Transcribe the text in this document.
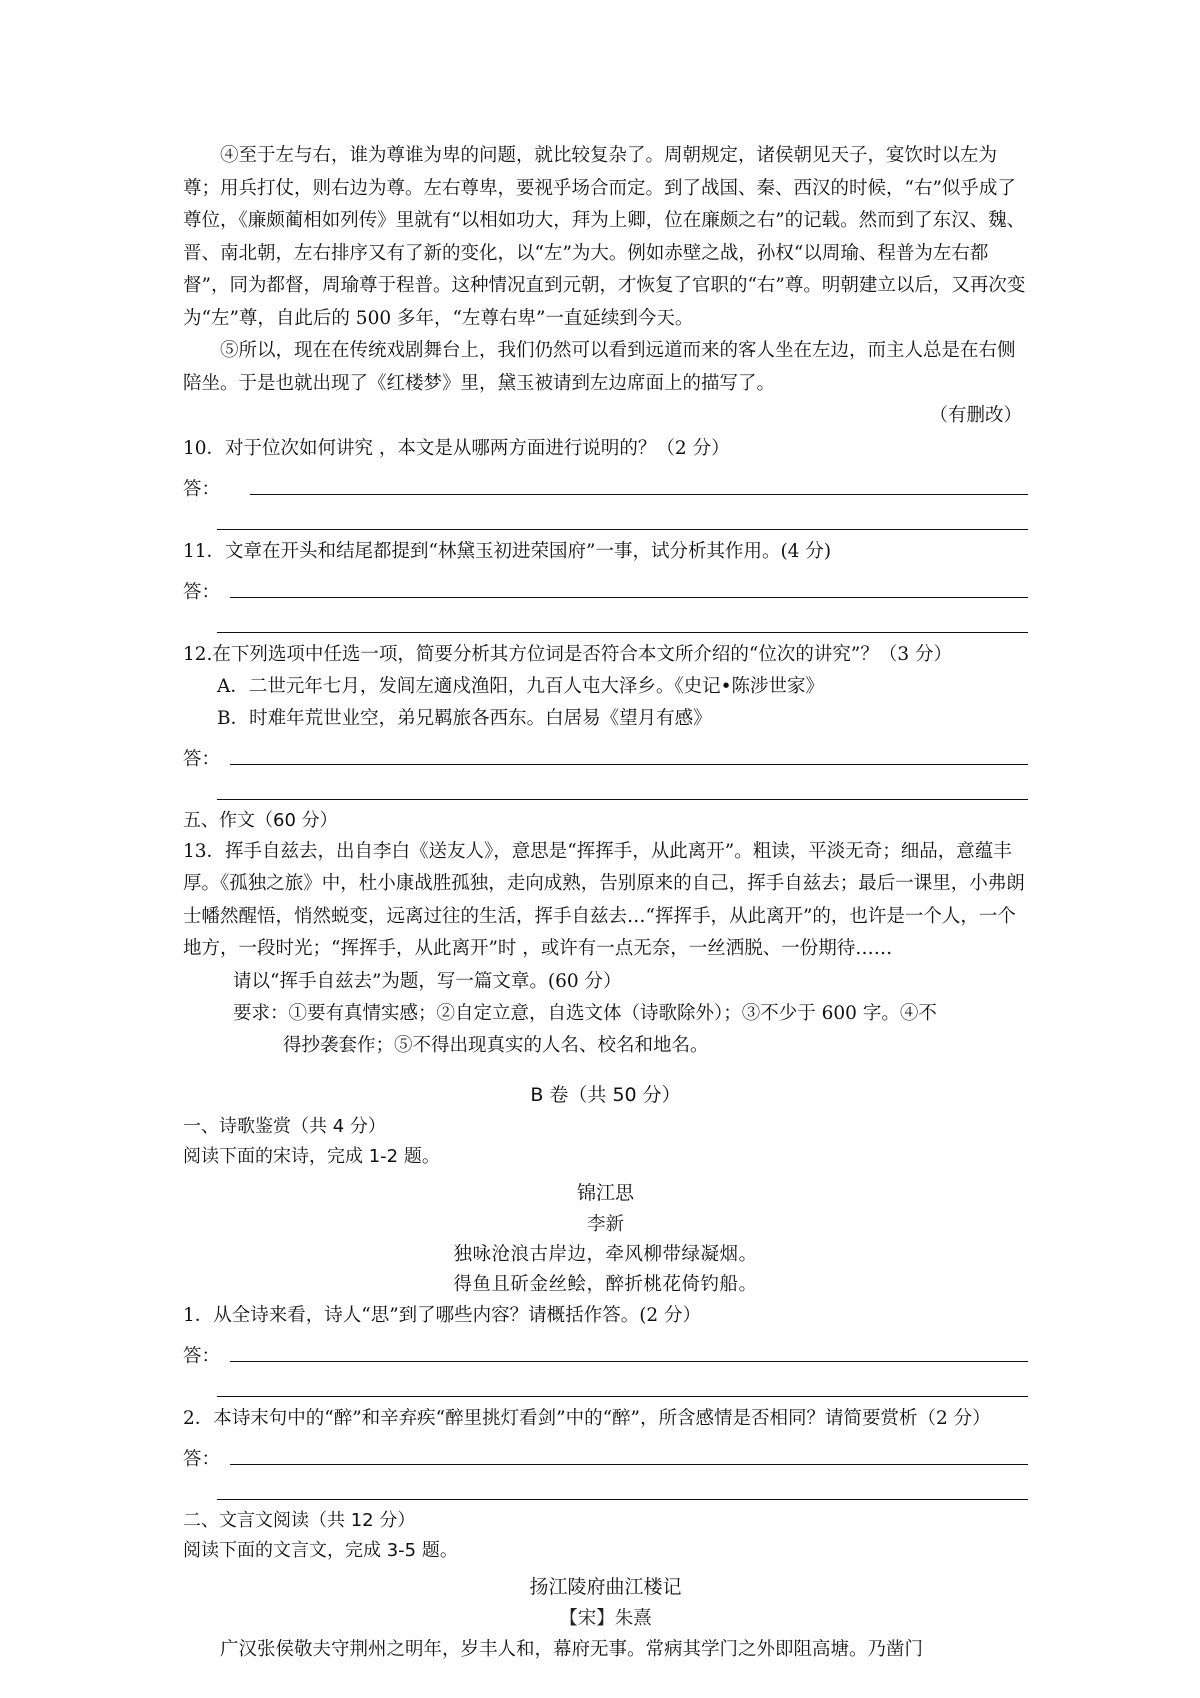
④至于左与右，谁为尊谁为卑的问题，就比较复杂了。周朝规定，诸侯朝见天子，宴饮时以左为尊；用兵打仗，则右边为尊。左右尊卑，要视乎场合而定。到了战国、秦、西汉的时候，“右”似乎成了尊位，《廉颇蔺相如列传》里就有“以相如功大，拜为上卿，位在廉颇之右”的记载。然而到了东汉、魏、晋、南北朝，左右排序又有了新的变化，以“左”为大。例如赤壁之战，孙权“以周瑜、程普为左右都督”，同为都督，周瑜尊于程普。这种情况直到元朝，才恢复了官职的“右”尊。明朝建立以后，又再次变为“左”尊，自此后的 500 多年，“左尊右卑”一直延续到今天。

⑤所以，现在在传统戏剧舞台上，我们仍然可以看到远道而来的客人坐在左边，而主人总是在右侧陪坐。于是也就出现了《红楼梦》里，黛玉被请到左边席面上的描写了。

（有删改）

10．对于位次如何讲究 ，本文是从哪两方面进行说明的？（2 分）

答：

11．文章在开头和结尾都提到“林黛玉初进荣国府”一事，试分析其作用。(4 分)

答：

12.在下列选项中任选一项，简要分析其方位词是否符合本文所介绍的“位次的讲究”？（3 分）

A．二世元年七月，发闾左適戍渔阳，九百人屯大泽乡。《史记•陈涉世家》

B．时难年荒世业空，弟兄羁旅各西东。白居易《望月有感》

答：

五、作文（60 分）

13．挥手自兹去，出自李白《送友人》，意思是“挥挥手，从此离开”。粗读，平淡无奇；细品，意蕴丰厚。《孤独之旅》中，杜小康战胜孤独，走向成熟，告别原来的自己，挥手自兹去；最后一课里，小弗朗士幡然醒悟，悄然蜕变，远离过往的生活，挥手自兹去…“挥挥手，从此离开”的，也许是一个人，一个地方，一段时光；“挥挥手，从此离开”时 ，或许有一点无奈，一丝洒脱、一份期待……

请以“挥手自兹去”为题，写一篇文章。(60 分）

要求：①要有真情实感；②自定立意，自选文体（诗歌除外）；③不少于 600 字。④不
得抄袭套作；⑤不得出现真实的人名、校名和地名。

B 卷（共 50 分）

一、诗歌鉴赏（共 4 分）

阅读下面的宋诗，完成 1-2 题。

锦江思

李新

独咏沧浪古岸边，牵风柳带绿凝烟。

得鱼且斫金丝鲙，醉折桃花倚钓船。

1．从全诗来看，诗人“思”到了哪些内容？请概括作答。(2 分）

答：

2．本诗末句中的“醉”和辛弃疾“醉里挑灯看剑”中的“醉”，所含感情是否相同？请简要赏析（2 分）

答：

二、文言文阅读（共 12 分）

阅读下面的文言文，完成 3-5 题。

扬江陵府曲江楼记

【宋】朱熹

广汉张侯敬夫守荆州之明年，岁丰人和，幕府无事。常病其学门之外即阻高塘。乃凿门
